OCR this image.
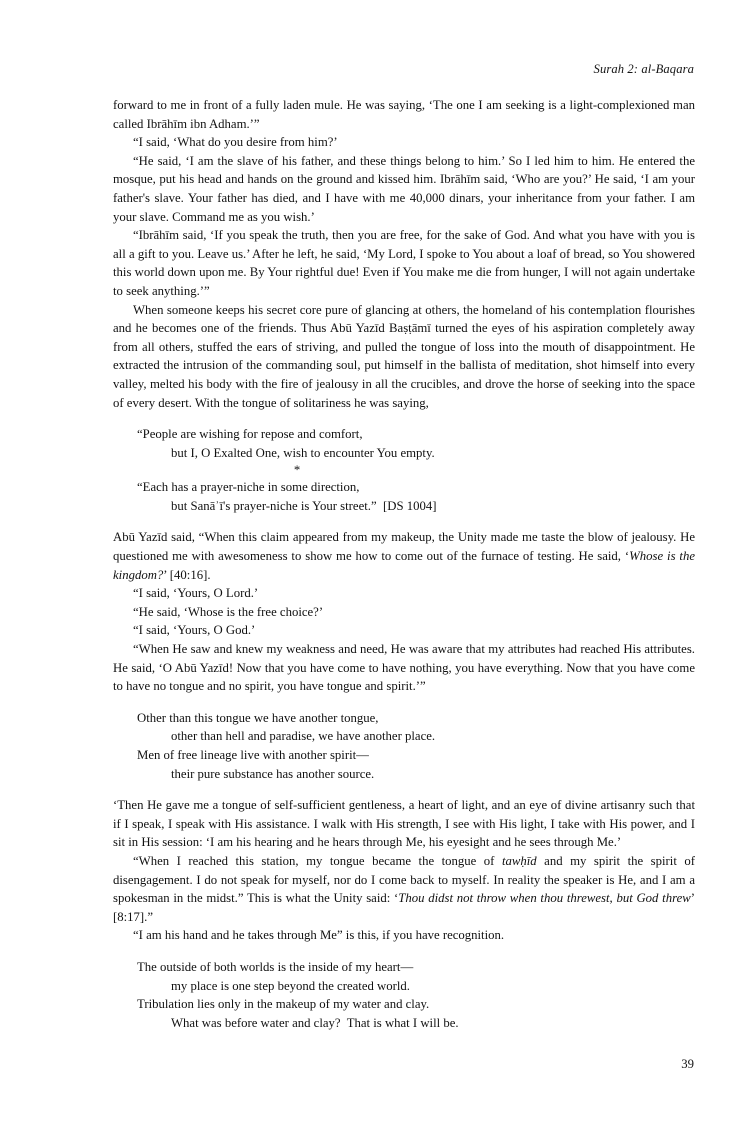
Surah 2: al-Baqara

forward to me in front of a fully laden mule. He was saying, ‘The one I am seeking is a light-complexioned man called Ibrāhīm ibn Adham.’”

“I said, ‘What do you desire from him?’

“He said, ‘I am the slave of his father, and these things belong to him.’ So I led him to him. He entered the mosque, put his head and hands on the ground and kissed him. Ibrāhīm said, ‘Who are you?’ He said, ‘I am your father's slave. Your father has died, and I have with me 40,000 dinars, your inheritance from your father. I am your slave. Command me as you wish.’

“Ibrāhīm said, ‘If you speak the truth, then you are free, for the sake of God. And what you have with you is all a gift to you. Leave us.’ After he left, he said, ‘My Lord, I spoke to You about a loaf of bread, so You showered this world down upon me. By Your rightful due! Even if You make me die from hunger, I will not again undertake to seek anything.’”

When someone keeps his secret core pure of glancing at others, the homeland of his contemplation flourishes and he becomes one of the friends. Thus Abū Yazīd Baṣṭāmī turned the eyes of his aspiration completely away from all others, stuffed the ears of striving, and pulled the tongue of loss into the mouth of disappointment. He extracted the intrusion of the commanding soul, put himself in the ballista of meditation, shot himself into every valley, melted his body with the fire of jealousy in all the crucibles, and drove the horse of seeking into the space of every desert. With the tongue of solitariness he was saying,

“People are wishing for repose and comfort,

but I, O Exalted One, wish to encounter You empty.

*

“Each has a prayer-niche in some direction,

but Sanāʾī's prayer-niche is Your street.”  [DS 1004]

Abū Yazīd said, “When this claim appeared from my makeup, the Unity made me taste the blow of jealousy. He questioned me with awesomeness to show me how to come out of the furnace of testing. He said, ‘Whose is the kingdom?’ [40:16].

“I said, ‘Yours, O Lord.’

“He said, ‘Whose is the free choice?’

“I said, ‘Yours, O God.’

“When He saw and knew my weakness and need, He was aware that my attributes had reached His attributes. He said, ‘O Abū Yazīd! Now that you have come to have nothing, you have everything. Now that you have come to have no tongue and no spirit, you have tongue and spirit.’”

Other than this tongue we have another tongue,

other than hell and paradise, we have another place.

Men of free lineage live with another spirit—

their pure substance has another source.

‘Then He gave me a tongue of self-sufficient gentleness, a heart of light, and an eye of divine artisanry such that if I speak, I speak with His assistance. I walk with His strength, I see with His light, I take with His power, and I sit in His session: ‘I am his hearing and he hears through Me, his eyesight and he sees through Me.’

“When I reached this station, my tongue became the tongue of tawḥīd and my spirit the spirit of disengagement. I do not speak for myself, nor do I come back to myself. In reality the speaker is He, and I am a spokesman in the midst.” This is what the Unity said: ‘Thou didst not throw when thou threwest, but God threw’ [8:17].”

“I am his hand and he takes through Me” is this, if you have recognition.

The outside of both worlds is the inside of my heart—

my place is one step beyond the created world.

Tribulation lies only in the makeup of my water and clay.

What was before water and clay?  That is what I will be.

39
